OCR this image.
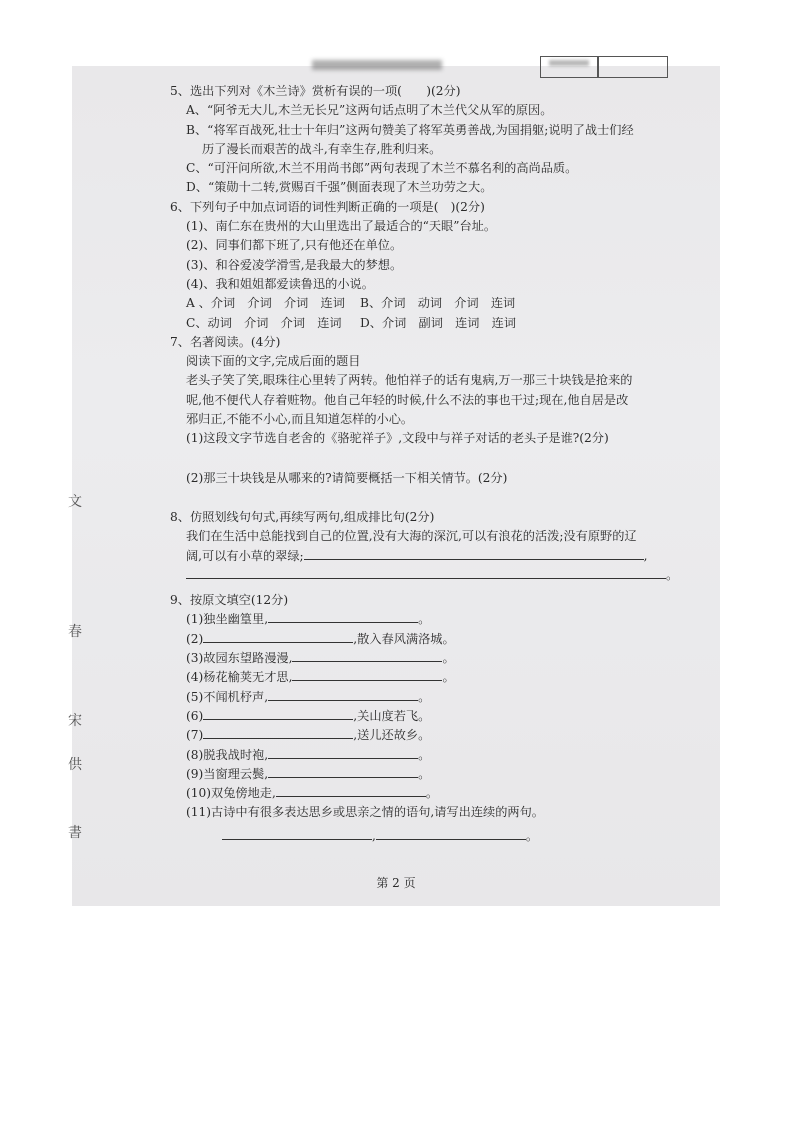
文
春
宋
供
書
5、选出下列对《木兰诗》赏析有误的一项(　　)(2分)
A、“阿爷无大儿,木兰无长兄”这两句话点明了木兰代父从军的原因。
B、“将军百战死,壮士十年归”这两句赞美了将军英勇善战,为国捐躯;说明了战士们经
历了漫长而艰苦的战斗,有幸生存,胜利归来。
C、“可汗问所欲,木兰不用尚书郎”两句表现了木兰不慕名利的高尚品质。
D、“策勋十二转,赏赐百千强”侧面表现了木兰功劳之大。
6、下列句子中加点词语的词性判断正确的一项是(　)(2分)
(1)、南仁东在贵州的大山里选出了最适合的“天眼”台址。
(2)、同事们都下班了,只有他还在单位。
(3)、和谷爱凌学滑雪,是我最大的梦想。
(4)、我和姐姐都爱读鲁迅的小说。
A 、介词　介词　介词　连词 B、介词　动词　介词　连词
C、动词　介词　介词　连词 D、介词　副词　连词　连词
7、名著阅读。(4分)
阅读下面的文字,完成后面的题目
老头子笑了笑,眼珠往心里转了两转。他怕祥子的话有鬼病,万一那三十块钱是抢来的
呢,他不便代人存着赃物。他自己年轻的时候,什么不法的事也干过;现在,他自居是改
邪归正,不能不小心,而且知道怎样的小心。
(1)这段文字节选自老舍的《骆驼祥子》,文段中与祥子对话的老头子是谁?(2分)
(2)那三十块钱是从哪来的?请简要概括一下相关情节。(2分)
8、仿照划线句句式,再续写两句,组成排比句(2分)
我们在生活中总能找到自己的位置,没有大海的深沉,可以有浪花的活泼;没有原野的辽
阔,可以有小草的翠绿;	,
。
9、按原文填空(12分)
(1)独坐幽篁里,	。
(2)	,散入春风满洛城。
(3)故园东望路漫漫,	。
(4)杨花榆荚无才思,	。
(5)不闻机杼声,	。
(6)	,关山度若飞。
(7)	,送儿还故乡。
(8)脱我战时袍,	。
(9)当窗理云鬓,	。
(10)双兔傍地走,	。
(11)古诗中有很多表达思乡或思亲之情的语句,请写出连续的两句。
,	。
第 2 页
